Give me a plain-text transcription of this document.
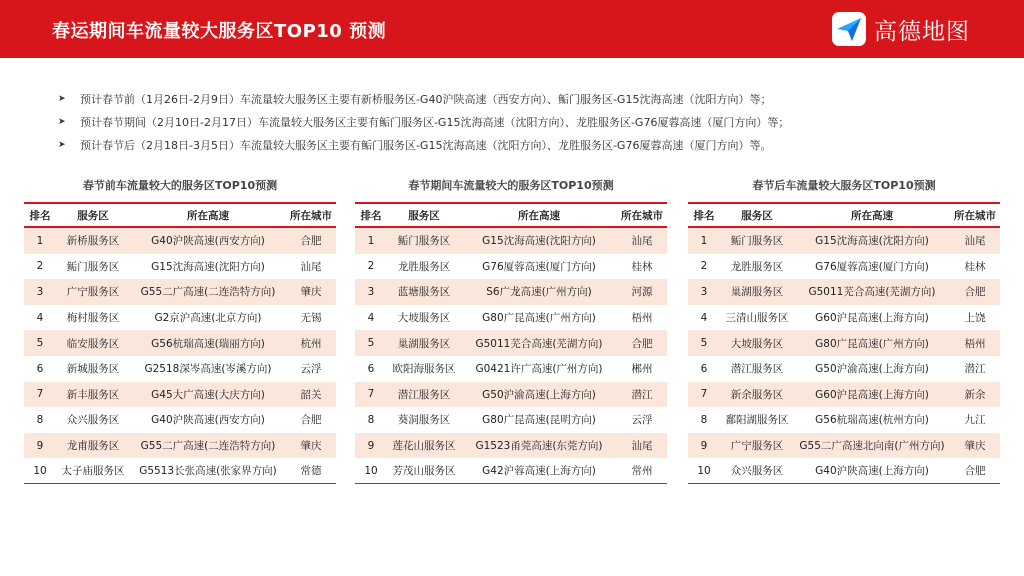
春运期间车流量较大服务区TOP10 预测	高德地图
➤	预计春节前（1月26日-2月9日）车流量较大服务区主要有新桥服务区-G40沪陕高速（西安方向）、鲘门服务区-G15沈海高速（沈阳方向）等；
➤	预计春节期间（2月10日-2月17日）车流量较大服务区主要有鲘门服务区-G15沈海高速（沈阳方向）、龙胜服务区-G76厦蓉高速（厦门方向）等；
➤	预计春节后（2月18日-3月5日）车流量较大服务区主要有鲘门服务区-G15沈海高速（沈阳方向）、龙胜服务区-G76厦蓉高速（厦门方向）等。
春节前车流量较大的服务区TOP10预测
排名	服务区	所在高速	所在城市
1	新桥服务区	G40沪陕高速(西安方向)	合肥
2	鲘门服务区	G15沈海高速(沈阳方向)	汕尾
3	广宁服务区	G55二广高速(二连浩特方向)	肇庆
4	梅村服务区	G2京沪高速(北京方向)	无锡
5	临安服务区	G56杭瑞高速(瑞丽方向)	杭州
6	新城服务区	G2518深岑高速(岑溪方向)	云浮
7	新丰服务区	G45大广高速(大庆方向)	韶关
8	众兴服务区	G40沪陕高速(西安方向)	合肥
9	龙甫服务区	G55二广高速(二连浩特方向)	肇庆
10	太子庙服务区	G5513长张高速(张家界方向)	常德
春节期间车流量较大的服务区TOP10预测
排名	服务区	所在高速	所在城市
1	鲘门服务区	G15沈海高速(沈阳方向)	汕尾
2	龙胜服务区	G76厦蓉高速(厦门方向)	桂林
3	蓝塘服务区	S6广龙高速(广州方向)	河源
4	大坡服务区	G80广昆高速(广州方向)	梧州
5	巢湖服务区	G5011芜合高速(芜湖方向)	合肥
6	欧阳海服务区	G0421许广高速(广州方向)	郴州
7	潜江服务区	G50沪渝高速(上海方向)	潜江
8	葵洞服务区	G80广昆高速(昆明方向)	云浮
9	莲花山服务区	G1523甬莞高速(东莞方向)	汕尾
10	芳茂山服务区	G42沪蓉高速(上海方向)	常州
春节后车流量较大服务区TOP10预测
排名	服务区	所在高速	所在城市
1	鲘门服务区	G15沈海高速(沈阳方向)	汕尾
2	龙胜服务区	G76厦蓉高速(厦门方向)	桂林
3	巢湖服务区	G5011芜合高速(芜湖方向)	合肥
4	三清山服务区	G60沪昆高速(上海方向)	上饶
5	大坡服务区	G80广昆高速(广州方向)	梧州
6	潜江服务区	G50沪渝高速(上海方向)	潜江
7	新余服务区	G60沪昆高速(上海方向)	新余
8	鄱阳湖服务区	G56杭瑞高速(杭州方向)	九江
9	广宁服务区	G55二广高速北向南(广州方向)	肇庆
10	众兴服务区	G40沪陕高速(上海方向)	合肥
